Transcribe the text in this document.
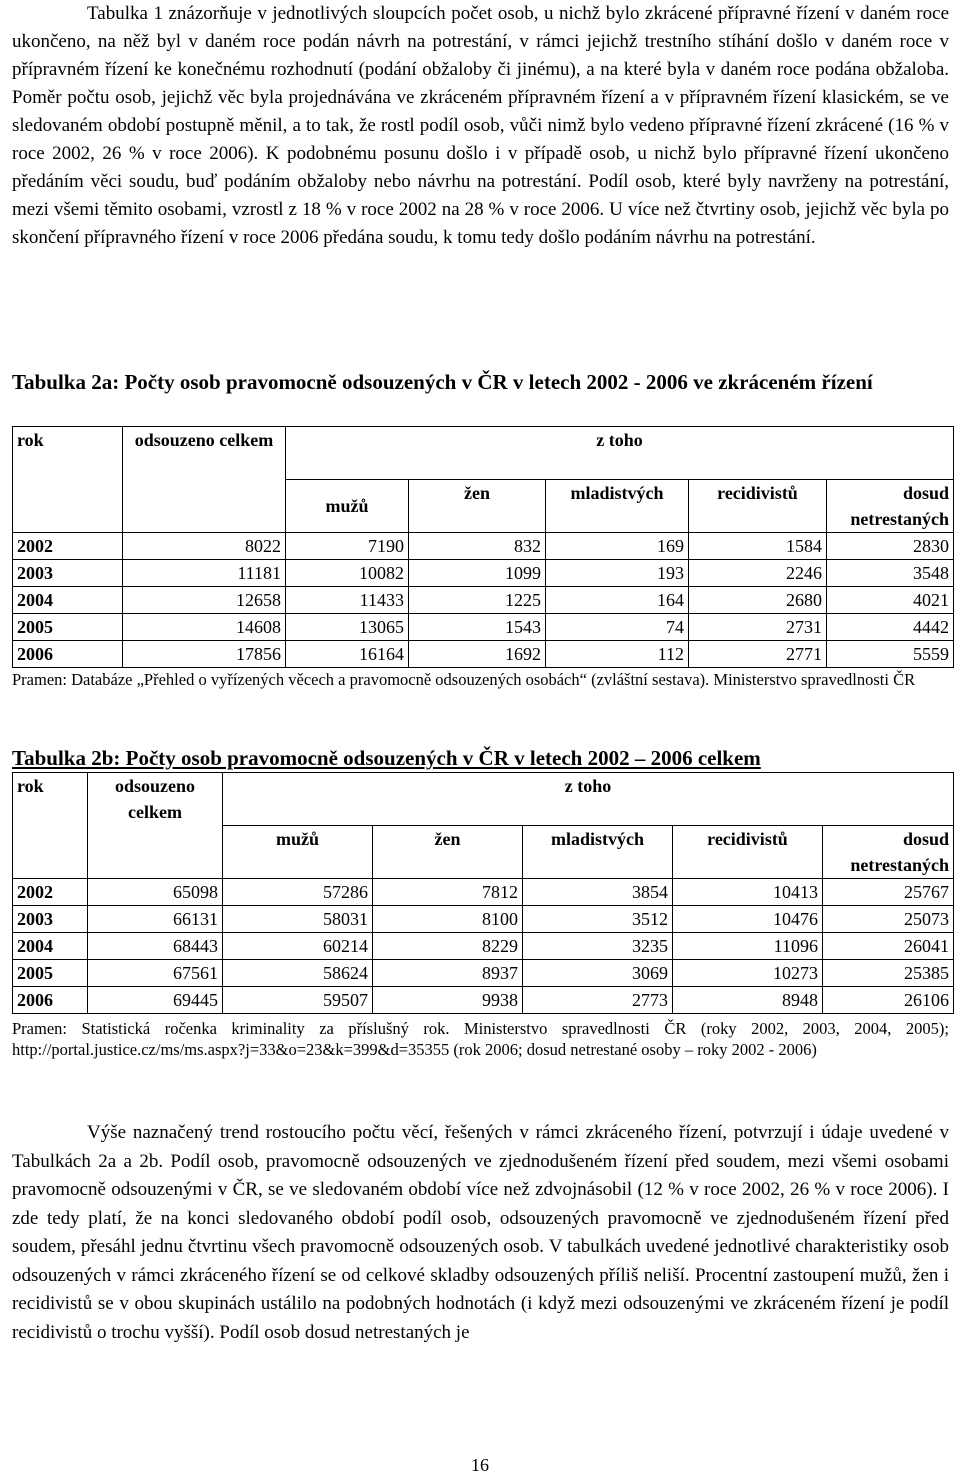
Tabulka 1 znázorňuje v jednotlivých sloupcích počet osob, u nichž bylo zkrácené přípravné řízení v daném roce ukončeno, na něž byl v daném roce podán návrh na potrestání, v rámci jejichž trestního stíhání došlo v daném roce v přípravném řízení ke konečnému rozhodnutí (podání obžaloby či jinému), a na které byla v daném roce podána obžaloba. Poměr počtu osob, jejichž věc byla projednávána ve zkráceném přípravném řízení a v přípravném řízení klasickém, se ve sledovaném období postupně měnil, a to tak, že rostl podíl osob, vůči nimž bylo vedeno přípravné řízení zkrácené (16 % v roce 2002, 26 % v roce 2006). K podobnému posunu došlo i v případě osob, u nichž bylo přípravné řízení ukončeno předáním věci soudu, buď podáním obžaloby nebo návrhu na potrestání. Podíl osob, které byly navrženy na potrestání, mezi všemi těmito osobami, vzrostl z 18 % v roce 2002 na 28 % v roce 2006. U více než čtvrtiny osob, jejichž věc byla po skončení přípravného řízení v roce 2006 předána soudu, k tomu tedy došlo podáním návrhu na potrestání.

Tabulka 2a: Počty osob pravomocně odsouzených v ČR v letech 2002 - 2006 ve zkráceném řízení
rok	odsouzeno celkem	z toho				
		mužů	žen	mladistvých	recidivistů	dosud netrestaných
2002	8022	7190	832	169	1584	2830
2003	11181	10082	1099	193	2246	3548
2004	12658	11433	1225	164	2680	4021
2005	14608	13065	1543	74	2731	4442
2006	17856	16164	1692	112	2771	5559

Pramen: Databáze „Přehled o vyřízených věcech a pravomocně odsouzených osobách“ (zvláštní sestava). Ministerstvo spravedlnosti ČR

Tabulka 2b: Počty osob pravomocně odsouzených v ČR v letech 2002 – 2006 celkem
rok	odsouzeno celkem	z toho				
		mužů	žen	mladistvých	recidivistů	dosud netrestaných
2002	65098	57286	7812	3854	10413	25767
2003	66131	58031	8100	3512	10476	25073
2004	68443	60214	8229	3235	11096	26041
2005	67561	58624	8937	3069	10273	25385
2006	69445	59507	9938	2773	8948	26106

Pramen: Statistická ročenka kriminality za příslušný rok. Ministerstvo spravedlnosti ČR (roky 2002, 2003, 2004, 2005); http://portal.justice.cz/ms/ms.aspx?j=33&o=23&k=399&d=35355 (rok 2006; dosud netrestané osoby – roky 2002 - 2006)

Výše naznačený trend rostoucího počtu věcí, řešených v rámci zkráceného řízení, potvrzují i údaje uvedené v Tabulkách 2a a 2b. Podíl osob, pravomocně odsouzených ve zjednodušeném řízení před soudem, mezi všemi osobami pravomocně odsouzenými v ČR, se ve sledovaném období více než zdvojnásobil (12 % v roce 2002, 26 % v roce 2006). I zde tedy platí, že na konci sledovaného období podíl osob, odsouzených pravomocně ve zjednodušeném řízení před soudem, přesáhl jednu čtvrtinu všech pravomocně odsouzených osob. V tabulkách uvedené jednotlivé charakteristiky osob odsouzených v rámci zkráceného řízení se od celkové skladby odsouzených příliš neliší. Procentní zastoupení mužů, žen i recidivistů se v obou skupinách ustálilo na podobných hodnotách (i když mezi odsouzenými ve zkráceném řízení je podíl recidivistů o trochu vyšší). Podíl osob dosud netrestaných je

16
